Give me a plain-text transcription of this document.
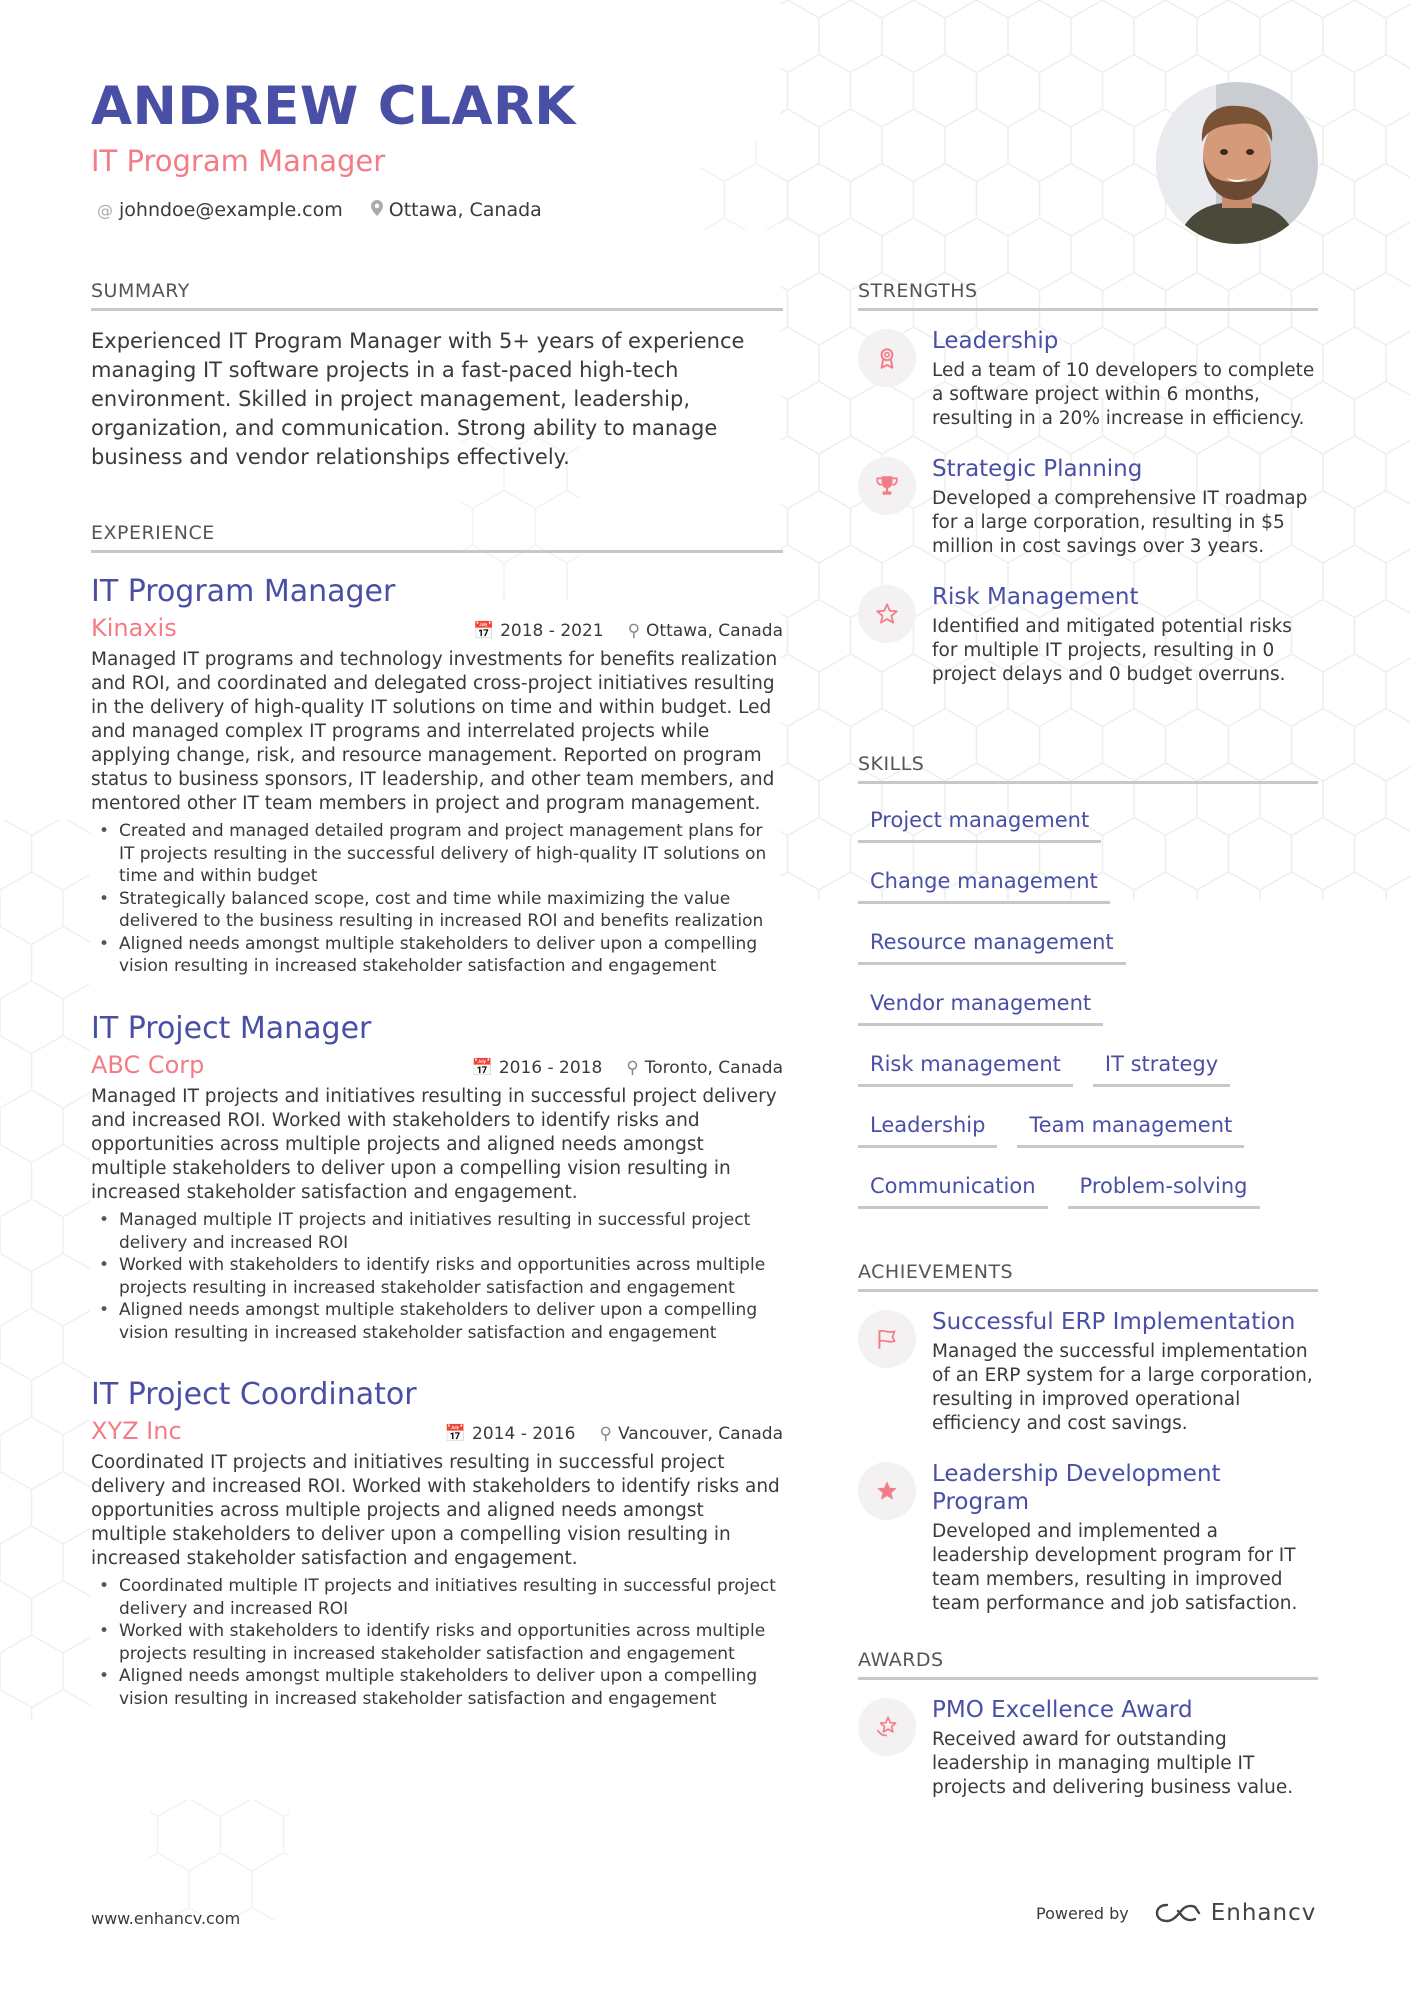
ANDREW CLARK
IT Program Manager
@ johndoe@example.com Ottawa, Canada
SUMMARY

Experienced IT Program Manager with 5+ years of experience managing IT software projects in a fast-paced high-tech environment. Skilled in project management, leadership, organization, and communication. Strong ability to manage business and vendor relationships effectively.

EXPERIENCE
IT Program Manager
Kinaxis	📅 2018 - 2021 ⚲ Ottawa, Canada

Managed IT programs and technology investments for benefits realization and ROI, and coordinated and delegated cross-project initiatives resulting in the delivery of high-quality IT solutions on time and within budget. Led and managed complex IT programs and interrelated projects while applying change, risk, and resource management. Reported on program status to business sponsors, IT leadership, and other team members, and mentored other IT team members in project and program management.

• Created and managed detailed program and project management plans for IT projects resulting in the successful delivery of high-quality IT solutions on time and within budget
• Strategically balanced scope, cost and time while maximizing the value delivered to the business resulting in increased ROI and benefits realization
• Aligned needs amongst multiple stakeholders to deliver upon a compelling vision resulting in increased stakeholder satisfaction and engagement
IT Project Manager
ABC Corp	📅 2016 - 2018 ⚲ Toronto, Canada

Managed IT projects and initiatives resulting in successful project delivery and increased ROI. Worked with stakeholders to identify risks and opportunities across multiple projects and aligned needs amongst multiple stakeholders to deliver upon a compelling vision resulting in increased stakeholder satisfaction and engagement.

• Managed multiple IT projects and initiatives resulting in successful project delivery and increased ROI
• Worked with stakeholders to identify risks and opportunities across multiple projects resulting in increased stakeholder satisfaction and engagement
• Aligned needs amongst multiple stakeholders to deliver upon a compelling vision resulting in increased stakeholder satisfaction and engagement
IT Project Coordinator
XYZ Inc	📅 2014 - 2016 ⚲ Vancouver, Canada

Coordinated IT projects and initiatives resulting in successful project delivery and increased ROI. Worked with stakeholders to identify risks and opportunities across multiple projects and aligned needs amongst multiple stakeholders to deliver upon a compelling vision resulting in increased stakeholder satisfaction and engagement.

• Coordinated multiple IT projects and initiatives resulting in successful project delivery and increased ROI
• Worked with stakeholders to identify risks and opportunities across multiple projects resulting in increased stakeholder satisfaction and engagement
• Aligned needs amongst multiple stakeholders to deliver upon a compelling vision resulting in increased stakeholder satisfaction and engagement
STRENGTHS
Leadership
Led a team of 10 developers to complete a software project within 6 months, resulting in a 20% increase in efficiency.
Strategic Planning
Developed a comprehensive IT roadmap for a large corporation, resulting in $5 million in cost savings over 3 years.
Risk Management
Identified and mitigated potential risks for multiple IT projects, resulting in 0 project delays and 0 budget overruns.
SKILLS
Project management
Change management
Resource management
Vendor management
Risk management	IT strategy
Leadership	Team management
Communication	Problem-solving
ACHIEVEMENTS
Successful ERP Implementation
Managed the successful implementation of an ERP system for a large corporation, resulting in improved operational efficiency and cost savings.
Leadership Development Program
Developed and implemented a leadership development program for IT team members, resulting in improved team performance and job satisfaction.
AWARDS
PMO Excellence Award
Received award for outstanding leadership in managing multiple IT projects and delivering business value.
www.enhancv.com	Powered by	Enhancv
